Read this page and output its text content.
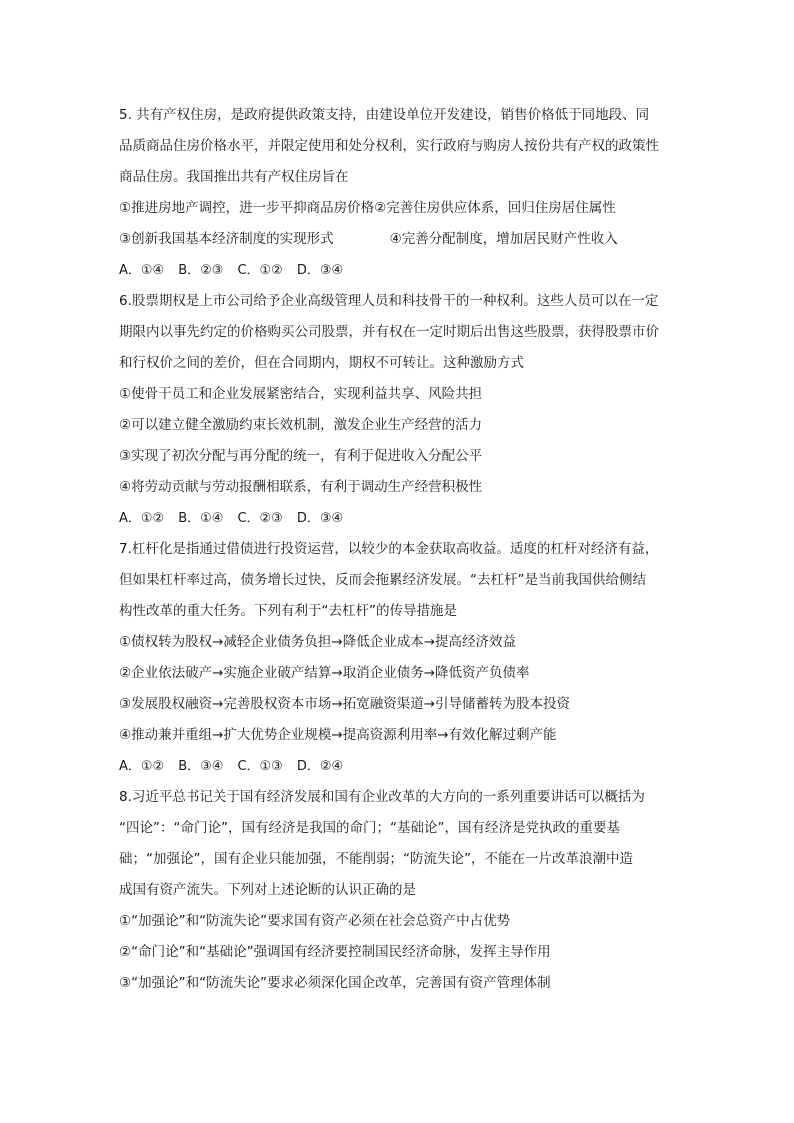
5. 共有产权住房，是政府提供政策支持，由建设单位开发建设，销售价格低于同地段、同
品质商品住房价格水平，并限定使用和处分权利，实行政府与购房人按份共有产权的政策性
商品住房。我国推出共有产权住房旨在
①推进房地产调控，进一步平抑商品房价格②完善住房供应体系，回归住房居住属性
③创新我国基本经济制度的实现形式	④完善分配制度，增加居民财产性收入
A．①④ B．②③ C．①② D．③④
6.股票期权是上市公司给予企业高级管理人员和科技骨干的一种权利。这些人员可以在一定
期限内以事先约定的价格购买公司股票，并有权在一定时期后出售这些股票，获得股票市价
和行权价之间的差价，但在合同期内，期权不可转让。这种激励方式
①使骨干员工和企业发展紧密结合，实现利益共享、风险共担
②可以建立健全激励约束长效机制，激发企业生产经营的活力
③实现了初次分配与再分配的统一，有利于促进收入分配公平
④将劳动贡献与劳动报酬相联系，有利于调动生产经营积极性
A．①② B．①④ C．②③ D．③④
7.杠杆化是指通过借债进行投资运营，以较少的本金获取高收益。适度的杠杆对经济有益，
但如果杠杆率过高，债务增长过快，反而会拖累经济发展。“去杠杆”是当前我国供给侧结
构性改革的重大任务。下列有利于“去杠杆”的传导措施是
①债权转为股权→减轻企业债务负担→降低企业成本→提高经济效益
②企业依法破产→实施企业破产结算→取消企业债务→降低资产负债率
③发展股权融资→完善股权资本市场→拓宽融资渠道→引导储蓄转为股本投资
④推动兼并重组→扩大优势企业规模→提高资源利用率→有效化解过剩产能
A．①② B．③④ C．①③ D．②④
8.习近平总书记关于国有经济发展和国有企业改革的大方向的一系列重要讲话可以概括为
“四论”：“命门论”，国有经济是我国的命门；“基础论”，国有经济是党执政的重要基
础；“加强论”，国有企业只能加强，不能削弱；“防流失论”，不能在一片改革浪潮中造
成国有资产流失。下列对上述论断的认识正确的是
①“加强论”和“防流失论”要求国有资产必须在社会总资产中占优势
②“命门论”和“基础论”强调国有经济要控制国民经济命脉，发挥主导作用
③“加强论”和“防流失论”要求必须深化国企改革，完善国有资产管理体制
